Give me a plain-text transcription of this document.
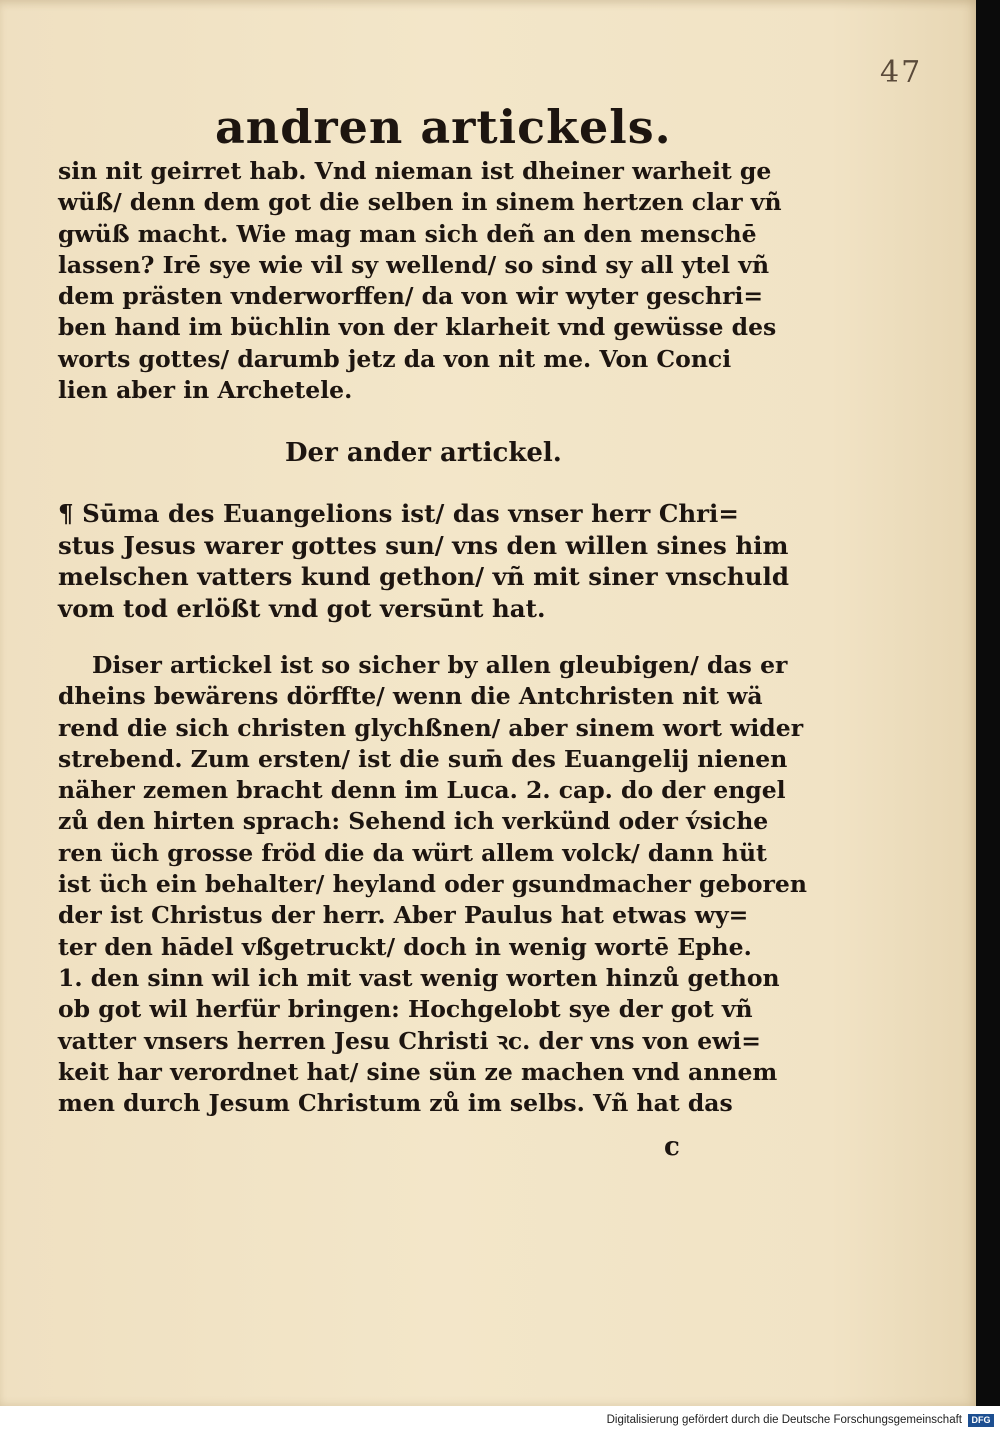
47
andren artickels.
sin nit geirret hab. Vnd nieman ist dheiner warheit ge
wüß/ denn dem got die selben in sinem hertzen clar vñ
gwüß macht. Wie mag man sich deñ an den menschē
lassen? Irē sye wie vil sy wellend/ so sind sy all ytel vñ
dem prästen vnderworffen/ da von wir wyter geschri=
ben hand im büchlin von der klarheit vnd gewüsse des
worts gottes/ darumb jetz da von nit me. Von Conci
lien aber in Archetele.
Der ander artickel.
¶ Sūma des Euangelions ist/ das vnser herr Chri=
stus Jesus warer gottes sun/ vns den willen sines him
melschen vatters kund gethon/ vñ mit siner vnschuld
vom tod erlößt vnd got versūnt hat.
Diser artickel ist so sicher by allen gleubigen/ das er
dheins bewärens dörffte/ wenn die Antchristen nit wä
rend die sich christen glychßnen/ aber sinem wort wider
strebend. Zum ersten/ ist die sum̄ des Euangelij nienen
näher zemen bracht denn im Luca. 2. cap. do der engel
zů den hirten sprach: Sehend ich verkünd oder v́siche
ren üch grosse fröd die da würt allem volck/ dann hüt
ist üch ein behalter/ heyland oder gsundmacher geboren
der ist Christus der herr. Aber Paulus hat etwas wy=
ter den hādel vßgetruckt/ doch in wenig wortē Ephe.
1. den sinn wil ich mit vast wenig worten hinzů gethon
ob got wil herfür bringen: Hochgelobt sye der got vñ
vatter vnsers herren Jesu Christi ꝛc. der vns von ewi=
keit har verordnet hat/ sine sün ze machen vnd annem
men durch Jesum Christum zů im selbs. Vñ hat das
c
Digitalisierung gefördert durch die Deutsche Forschungsgemeinschaft	DFG
